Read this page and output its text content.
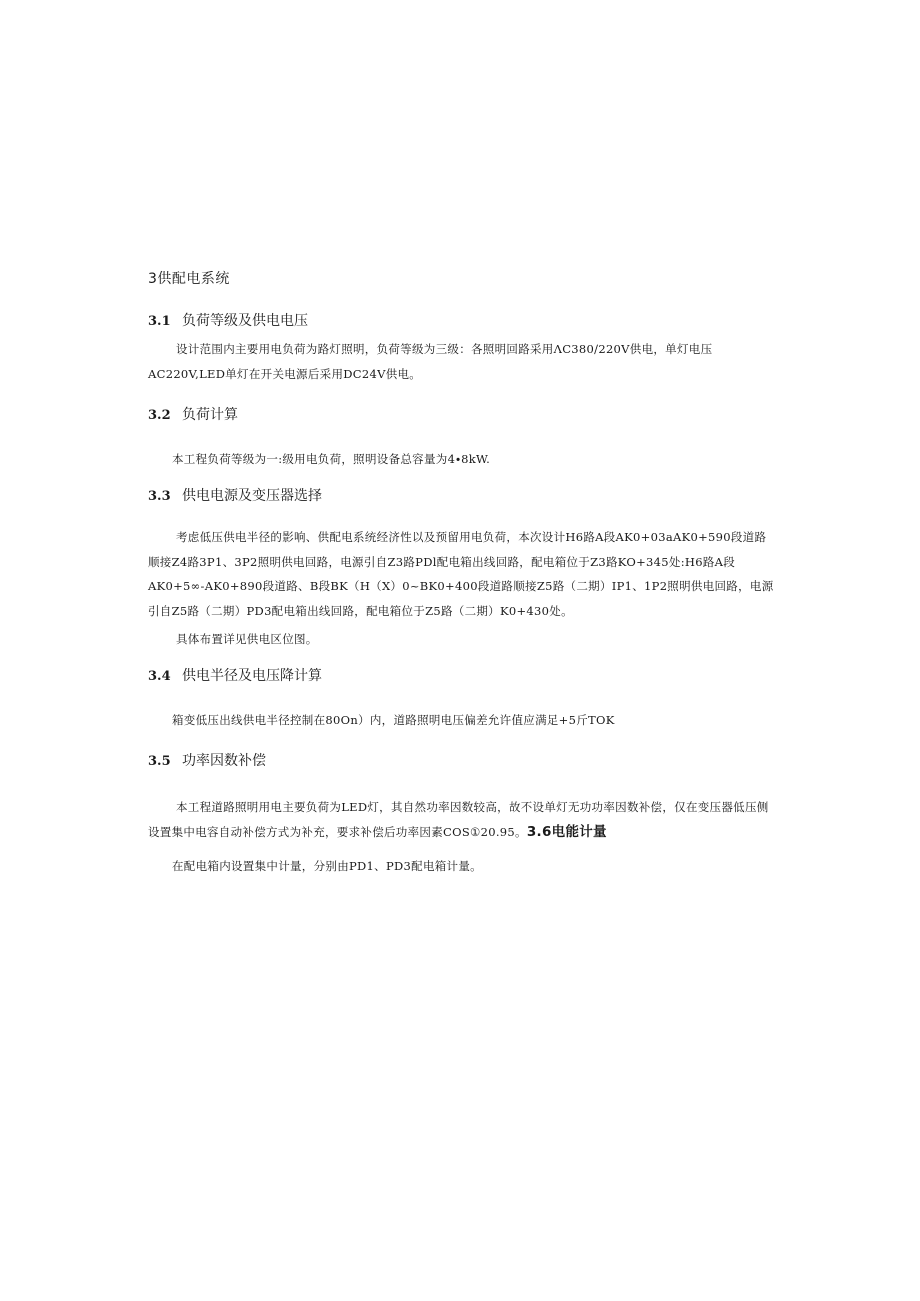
3供配电系统
3.1 负荷等级及供电电压
设计范围内主要用电负荷为路灯照明，负荷等级为三级：各照明回路采用ΛC380∕220V供电，单灯电压AC220V,LED单灯在开关电源后采用DC24V供电。
3.2 负荷计算
本工程负荷等级为一:级用电负荷，照明设备总容量为4∙8kW.
3.3 供电电源及变压器选择
考虑低压供电半径的影响、供配电系统经济性以及预留用电负荷，本次设计H6路A段AK0+03aAK0+590段道路顺接Z4路3P1、3P2照明供电回路，电源引自Z3路PDl配电箱出线回路，配电箱位于Z3路KO+345处:H6路A段AK0+5∞-AK0+890段道路、B段BK（H（X）0~BK0+400段道路顺接Z5路（二期）IP1、1P2照明供电回路，电源引自Z5路（二期）PD3配电箱出线回路，配电箱位于Z5路（二期）K0+430处。
具体布置详见供电区位图。
3.4 供电半径及电压降计算
箱变低压出线供电半径控制在80On）内，道路照明电压偏差允许值应满足+5斤TOK
3.5 功率因数补偿
本工程道路照明用电主要负荷为LED灯，其自然功率因数较高，故不设单灯无功功率因数补偿，仅在变压器低压侧设置集中电容自动补偿方式为补充，要求补偿后功率因素COS①20.95。3.6电能计量
在配电箱内设置集中计量，分别由PD1、PD3配电箱计量。
